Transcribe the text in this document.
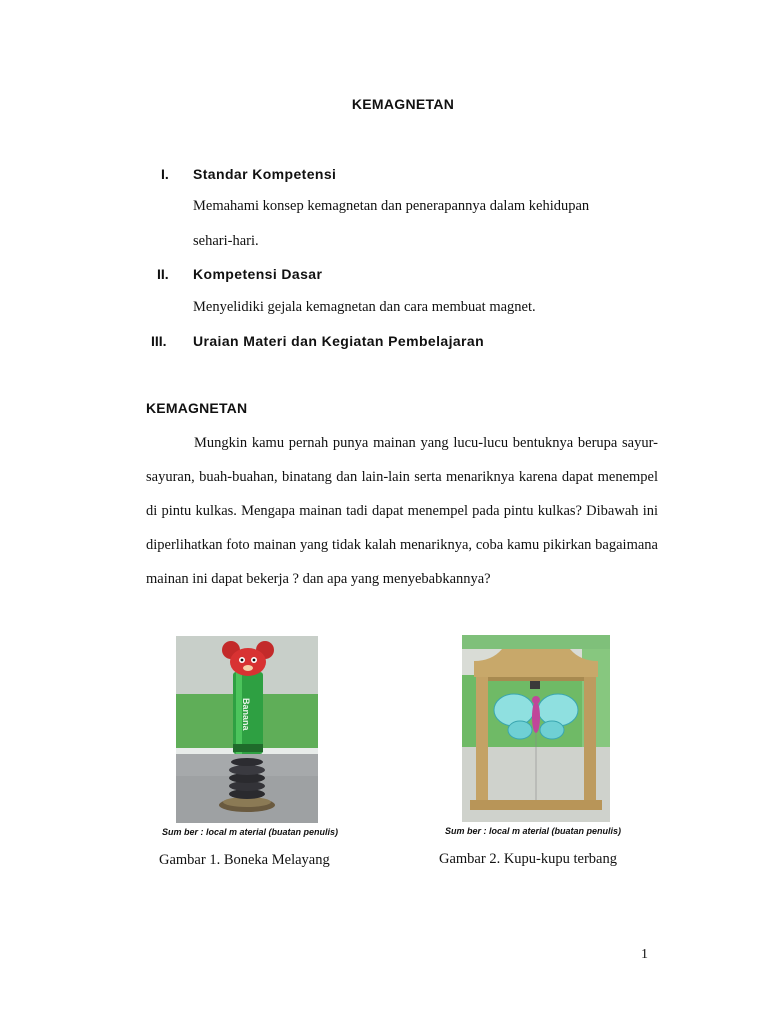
KEMAGNETAN
I. Standar Kompetensi
Memahami konsep kemagnetan dan penerapannya dalam kehidupan
sehari-hari.
II. Kompetensi Dasar
Menyelidiki gejala kemagnetan dan cara membuat magnet.
III. Uraian Materi dan Kegiatan Pembelajaran
KEMAGNETAN
Mungkin kamu pernah punya mainan yang lucu-lucu bentuknya berupa sayur-sayuran, buah-buahan, binatang dan lain-lain serta menariknya karena dapat menempel di pintu kulkas. Mengapa mainan tadi dapat menempel pada pintu kulkas? Dibawah ini diperlihatkan foto mainan yang tidak kalah menariknya, coba kamu pikirkan bagaimana mainan ini dapat bekerja ? dan apa yang menyebabkannya?
Banana
Sum ber : local m aterial (buatan penulis)
Gambar 1. Boneka Melayang
Sum ber : local m aterial (buatan penulis)
Gambar 2. Kupu-kupu terbang
1
